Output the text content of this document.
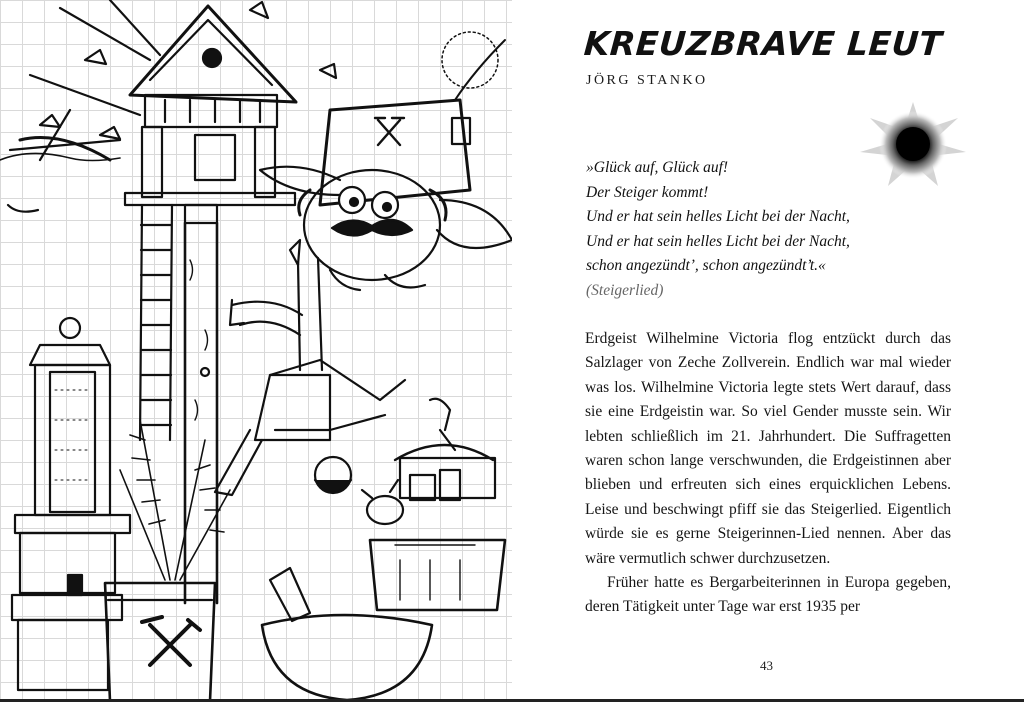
KREUZBRAVE LEUT
JÖRG STANKO
»Glück auf, Glück auf!
Der Steiger kommt!
Und er hat sein helles Licht bei der Nacht,
Und er hat sein helles Licht bei der Nacht,
schon angezündt’, schon angezündt’t.«
(Steigerlied)

Erdgeist Wilhelmine Victoria flog entzückt durch das Salzlager von Zeche Zollverein. Endlich war mal wieder was los. Wilhelmine Victoria legte stets Wert darauf, dass sie eine Erdgeistin war. So viel Gender musste sein. Wir lebten schließlich im 21. Jahrhundert. Die Suffragetten waren schon lange verschwunden, die Erdgeistinnen aber blieben und erfreuten sich eines erquicklichen Lebens. Leise und beschwingt pfiff sie das Steigerlied. Eigentlich würde sie es gerne Steigerinnen-Lied nennen. Aber das wäre vermutlich schwer durchzusetzen.

Früher hatte es Bergarbeiterinnen in Europa gegeben, deren Tätigkeit unter Tage war erst 1935 per

43
